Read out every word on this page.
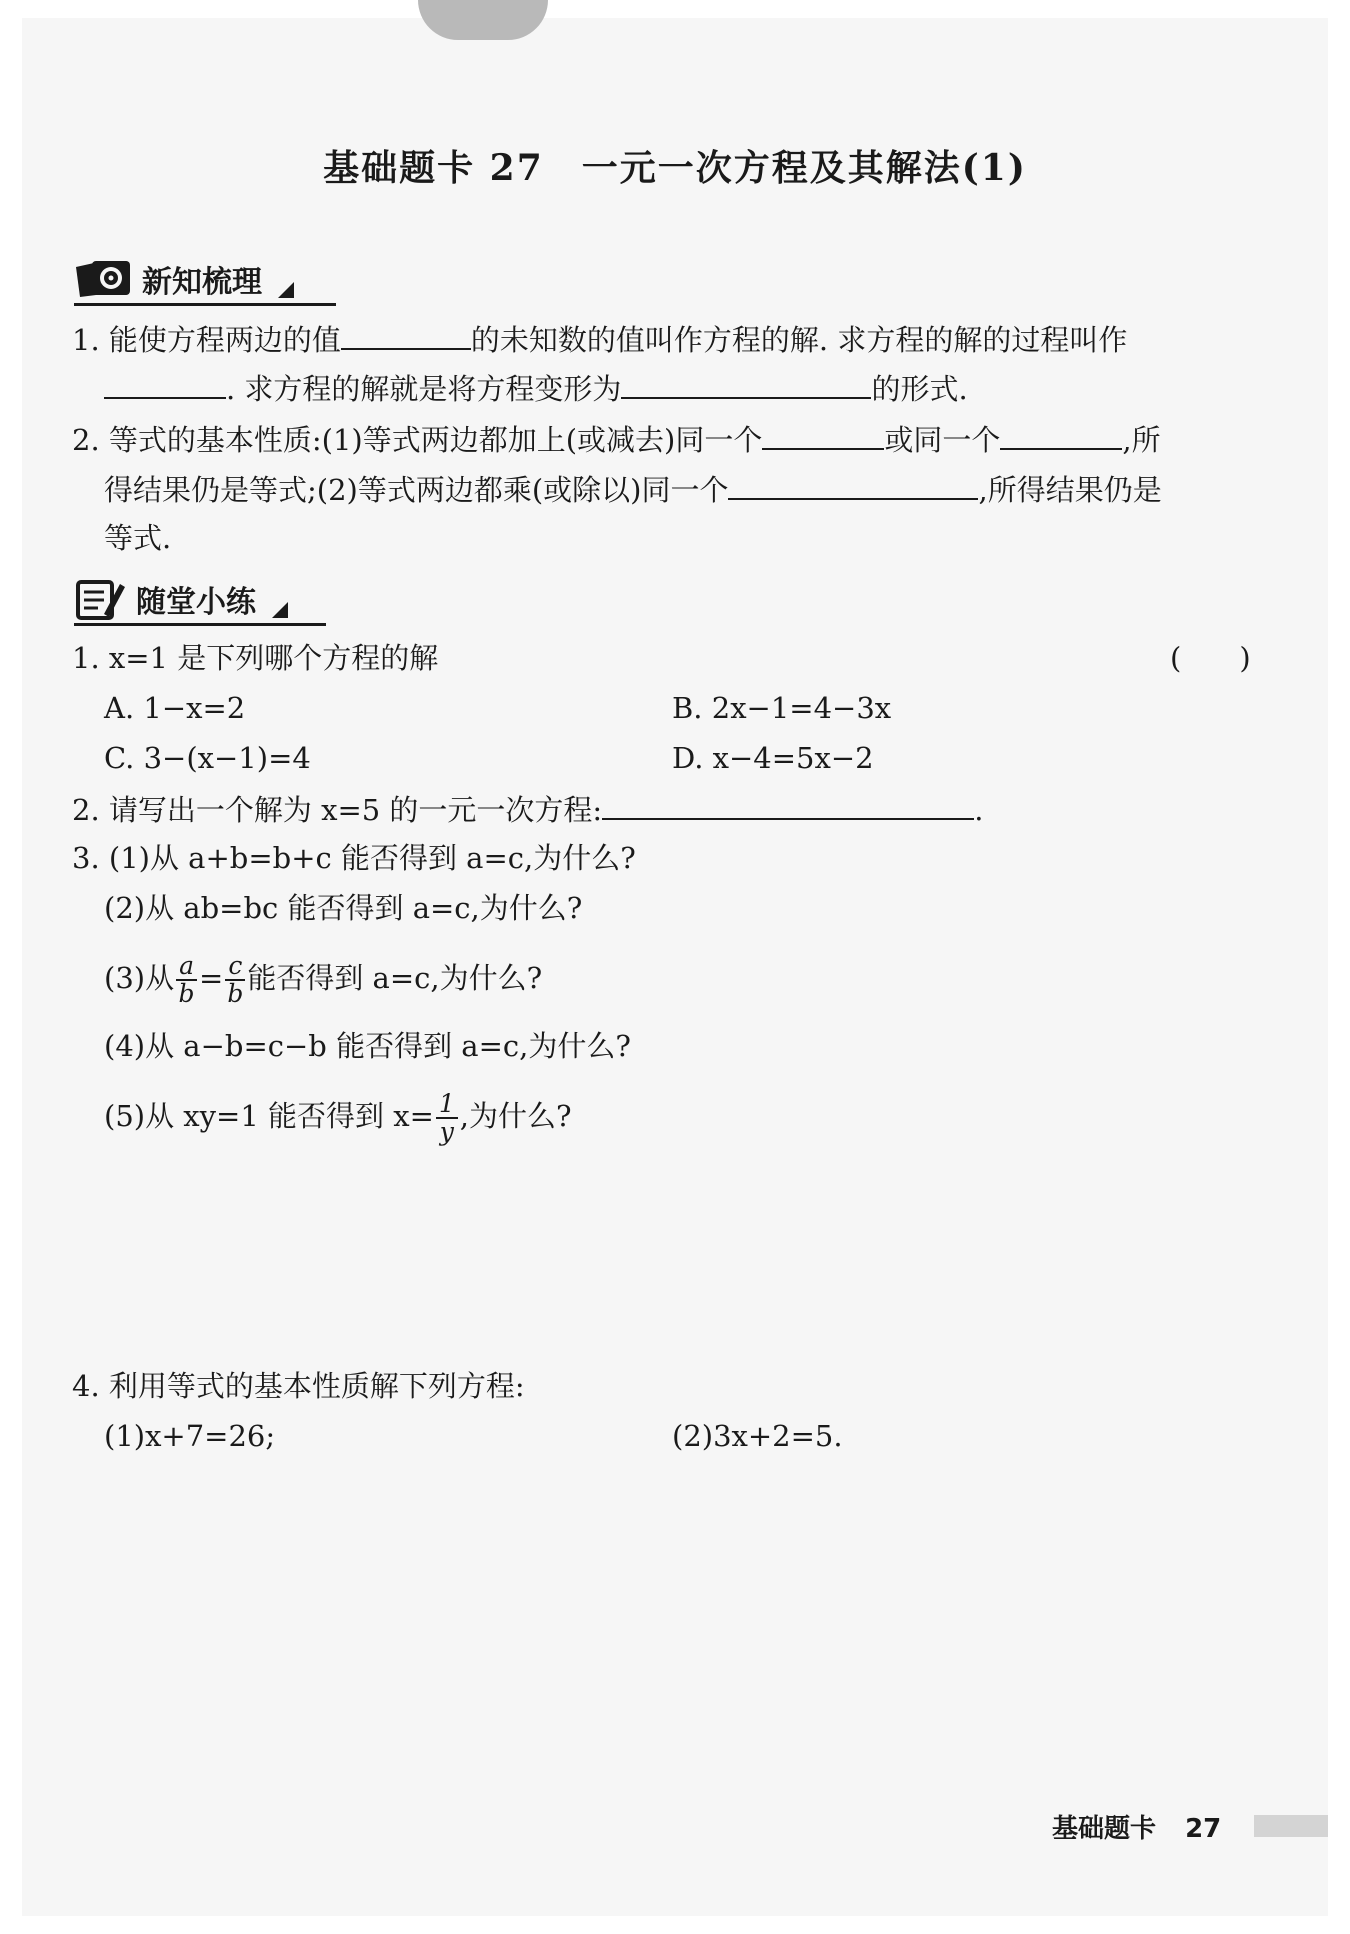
基础题卡 27　一元一次方程及其解法(1)
新知梳理
1. 能使方程两边的值	的未知数的值叫作方程的解. 求方程的解的过程叫作
. 求方程的解就是将方程变形为	的形式.
2. 等式的基本性质:(1)等式两边都加上(或减去)同一个	或同一个	,所
得结果仍是等式;(2)等式两边都乘(或除以)同一个	,所得结果仍是
等式.
随堂小练
1. x=1 是下列哪个方程的解	(　　)
A. 1−x=2	B. 2x−1=4−3x
C. 3−(x−1)=4	D. x−4=5x−2
2. 请写出一个解为 x=5 的一元一次方程:	.
3. (1)从 a+b=b+c 能否得到 a=c,为什么?
(2)从 ab=bc 能否得到 a=c,为什么?
(3)从 $\frac{a}{b} = \frac{c}{b}$ 能否得到 a=c,为什么?
(4)从 a−b=c−b 能否得到 a=c,为什么?
(5)从 xy=1 能否得到 $x= \frac{1}{y}$ ,为什么?
4. 利用等式的基本性质解下列方程:
(1)x+7=26;	(2)3x+2=5.
基础题卡 27
